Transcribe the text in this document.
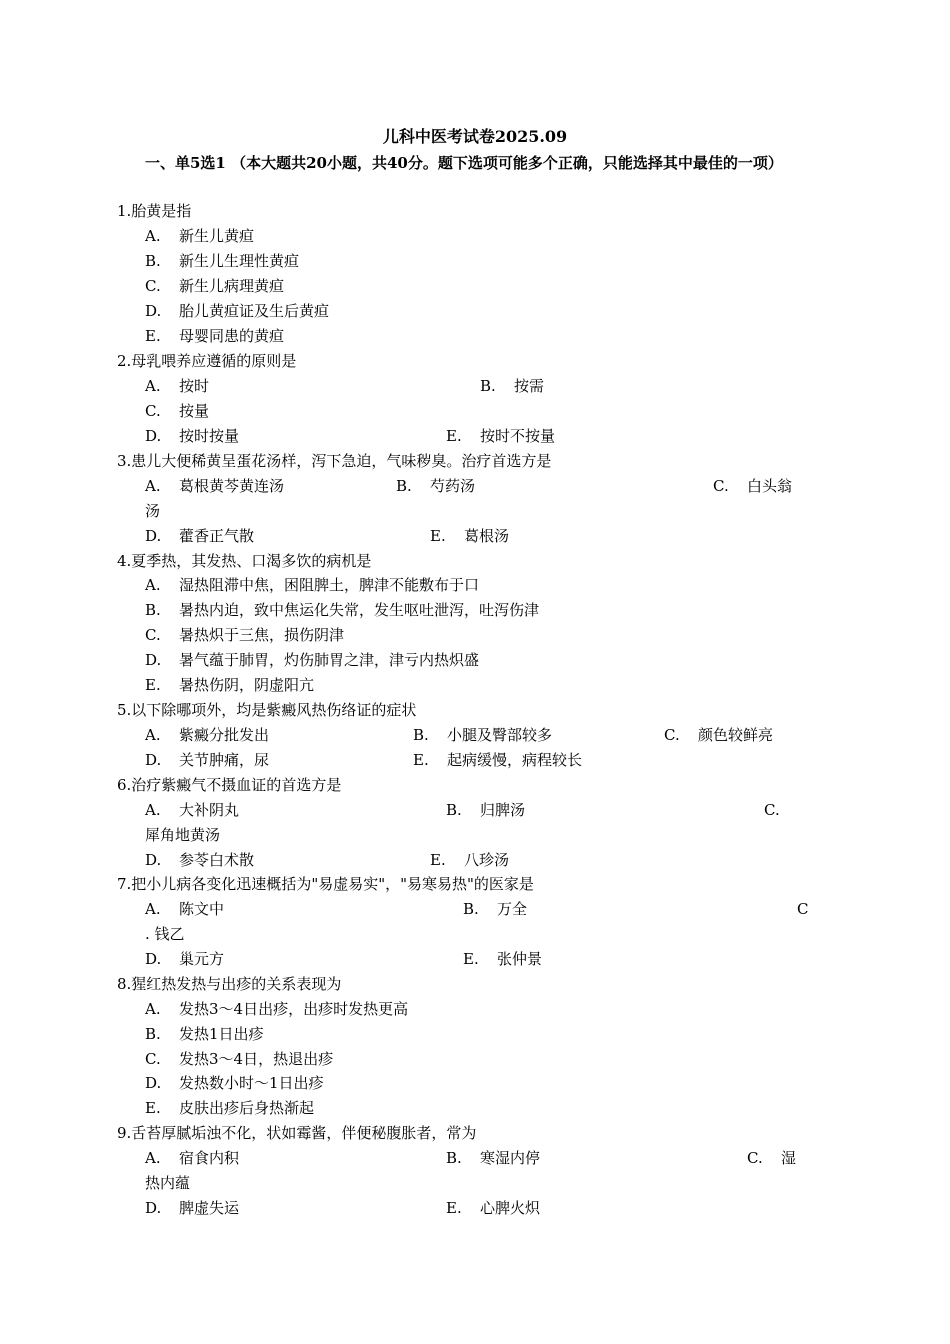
儿科中医考试卷2025.09
一、单5选1 （本大题共20小题，共40分。题下选项可能多个正确，只能选择其中最佳的一项）
1.胎黄是指
A. 新生儿黄疸
B. 新生儿生理性黄疸
C. 新生儿病理黄疸
D. 胎儿黄疸证及生后黄疸
E. 母婴同患的黄疸
2.母乳喂养应遵循的原则是
A. 按时	B. 按需
C. 按量
D. 按时按量	E. 按时不按量
3.患儿大便稀黄呈蛋花汤样，泻下急迫，气味秽臭。治疗首选方是
A. 葛根黄芩黄连汤	B. 芍药汤	C. 白头翁
汤
D. 藿香正气散	E. 葛根汤
4.夏季热，其发热、口渴多饮的病机是
A. 湿热阻滞中焦，困阻脾土，脾津不能敷布于口
B. 暑热内迫，致中焦运化失常，发生呕吐泄泻，吐泻伤津
C. 暑热炽于三焦，损伤阴津
D. 暑气蕴于肺胃，灼伤肺胃之津，津亏内热炽盛
E. 暑热伤阴，阴虚阳亢
5.以下除哪项外，均是紫癜风热伤络证的症状
A. 紫癜分批发出	B. 小腿及臀部较多	C. 颜色较鲜亮
D. 关节肿痛，尿	E. 起病缓慢，病程较长
6.治疗紫癜气不摄血证的首选方是
A. 大补阴丸	B. 归脾汤	C.
犀角地黄汤
D. 参苓白术散	E. 八珍汤
7.把小儿病各变化迅速概括为"易虚易实"，"易寒易热"的医家是
A. 陈文中	B. 万全	C
. 钱乙
D. 巢元方	E. 张仲景
8.猩红热发热与出疹的关系表现为
A. 发热3～4日出疹，出疹时发热更高
B. 发热1日出疹
C. 发热3～4日，热退出疹
D. 发热数小时～1日出疹
E. 皮肤出疹后身热渐起
9.舌苔厚腻垢浊不化，状如霉酱，伴便秘腹胀者，常为
A. 宿食内积	B. 寒湿内停	C. 湿
热内蕴
D. 脾虚失运	E. 心脾火炽
